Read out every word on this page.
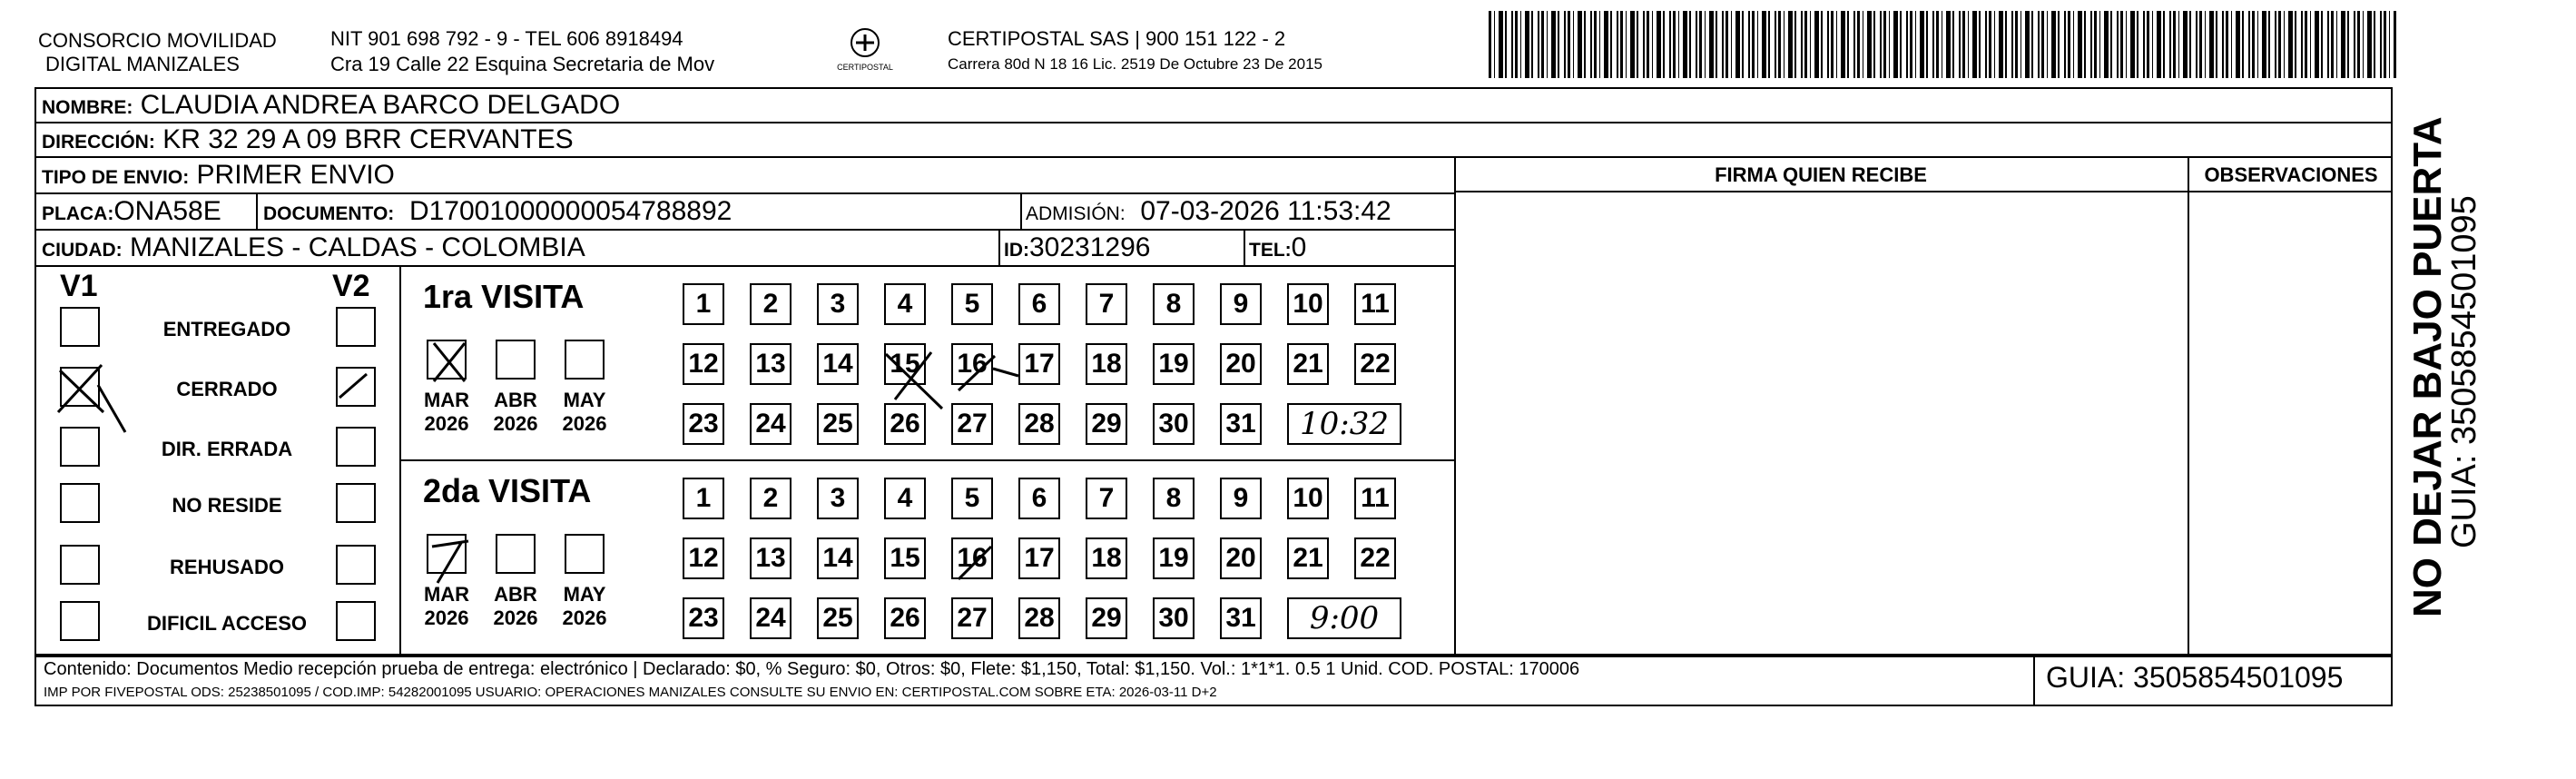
CONSORCIO MOVILIDAD
DIGITAL MANIZALES
NIT 901 698 792 - 9 - TEL 606 8918494
Cra 19 Calle 22 Esquina Secretaria de Mov	CERTIPOSTAL
CERTIPOSTAL SAS | 900 151 122 - 2
Carrera 80d N 18 16 Lic. 2519 De Octubre 23 De 2015
NOMBRE: CLAUDIA ANDREA BARCO DELGADO
DIRECCIÓN: KR 32 29 A 09 BRR CERVANTES
TIPO DE ENVIO: PRIMER ENVIO
PLACA:ONA58E DOCUMENTO: D17001000000054788892	ADMISIÓN: 07-03-2026 11:53:42
CIUDAD: MANIZALES - CALDAS - COLOMBIA	ID:30231296	TEL:0
FIRMA QUIEN RECIBE	OBSERVACIONES
V1	V2
ENTREGADO
CERRADO
DIR. ERRADA
NO RESIDE
REHUSADO
DIFICIL ACCESO
1ra VISITA
MAR
2026
ABR
2026
MAY
2026
1	2	3	4	5	6	7	8	9	10 11
12 13 14 15 16 17 18 19 20 21 22
23 24 25 26 27 28 29 30 31	10:32
2da VISITA
MAR
2026
ABR
2026
MAY
2026
1	2	3	4	5	6	7	8	9	10 11
12 13 14 15 16 17 18 19 20 21 22
23 24 25 26 27 28 29 30 31	9:00
Contenido: Documentos Medio recepción prueba de entrega: electrónico | Declarado: $0, % Seguro: $0, Otros: $0, Flete: $1,150, Total: $1,150. Vol.: 1*1*1. 0.5 1 Unid. COD. POSTAL: 170006
IMP POR FIVEPOSTAL ODS: 25238501095 / COD.IMP: 54282001095 USUARIO: OPERACIONES MANIZALES CONSULTE SU ENVIO EN: CERTIPOSTAL.COM SOBRE ETA: 2026-03-11 D+2	GUIA: 3505854501095
NO DEJAR BAJO PUERTA
GUIA: 3505854501095
